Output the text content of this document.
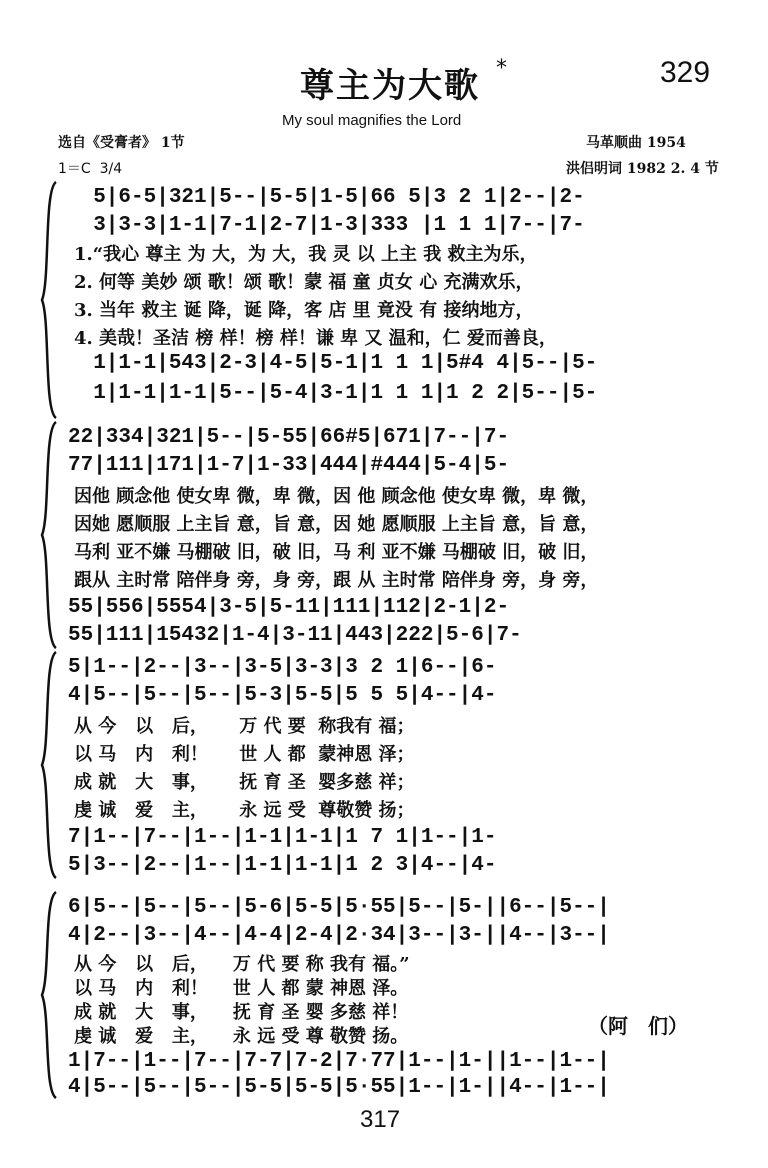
尊主为大歌 *	329
My soul magnifies the Lord
选自《受膏者》 1节	马革顺曲 1954
1＝C  3/4	洪侣明词 1982 2. 4 节
5|6-5|321|5--|5-5|1-5|66 5|3 2 1|2--|2-
3|3-3|1-1|7-1|2-7|1-3|333 |1 1 1|7--|7-
1.“我心 尊主 为 大，为 大，我 灵 以 上主 我 救主为乐，
2. 何等 美妙 颂 歌！颂 歌！蒙 福 童 贞女 心 充满欢乐，
3. 当年 救主 诞 降，诞 降，客 店 里 竟没 有 接纳地方，
4. 美哉！圣洁 榜 样！榜 样！谦 卑 又 温和，仁 爱而善良，
1|1-1|543|2-3|4-5|5-1|1 1 1|5#4 4|5--|5-
1|1-1|1-1|5--|5-4|3-1|1 1 1|1 2 2|5--|5-
22|334|321|5--|5-55|66#5|671|7--|7-
77|111|171|1-7|1-33|444|#444|5-4|5-
因他 顾念他 使女卑 微，卑 微，因 他 顾念他 使女卑 微，卑 微，
因她 愿顺服 上主旨 意，旨 意，因 她 愿顺服 上主旨 意，旨 意，
马利 亚不嫌 马棚破 旧，破 旧，马 利 亚不嫌 马棚破 旧，破 旧，
跟从 主时常 陪伴身 旁，身 旁，跟 从 主时常 陪伴身 旁，身 旁，
55|556|5554|3-5|5-11|111|112|2-1|2-
55|111|15432|1-4|3-11|443|222|5-6|7-
5|1--|2--|3--|3-5|3-3|3 2 1|6--|6-
4|5--|5--|5--|5-3|5-5|5 5 5|4--|4-
从 今   以   后，     万 代 要  称我有 福；
以 马   内   利！     世 人 都  蒙神恩 泽；
成 就   大   事，     抚 育 圣  婴多慈 祥；
虔 诚   爱   主，     永 远 受  尊敬赞 扬；
7|1--|7--|1--|1-1|1-1|1 7 1|1--|1-
5|3--|2--|1--|1-1|1-1|1 2 3|4--|4-
6|5--|5--|5--|5-6|5-5|5·55|5--|5-||6--|5--|
4|2--|3--|4--|4-4|2-4|2·34|3--|3-||4--|3--|
从 今   以   后，    万 代 要 称 我有 福。”
以 马   内   利！    世 人 都 蒙 神恩 泽。
成 就   大   事，    抚 育 圣 婴 多慈 祥！
虔 诚   爱   主，    永 远 受 尊 敬赞 扬。
1|7--|1--|7--|7-7|7-2|7·77|1--|1-||1--|1--|
4|5--|5--|5--|5-5|5-5|5·55|1--|1-||4--|1--|
（阿　们）
317
